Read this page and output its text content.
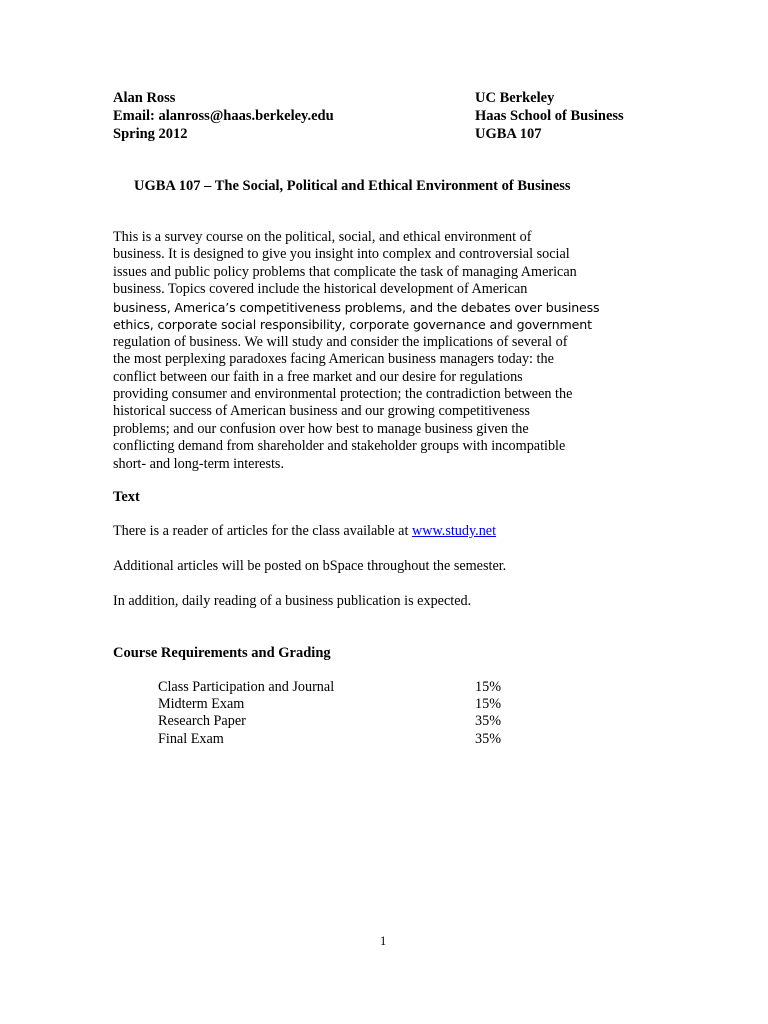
Alan Ross
Email: alanross@haas.berkeley.edu
Spring 2012
UC Berkeley
Haas School of Business
UGBA 107
UGBA 107 – The Social, Political and Ethical Environment of Business
This is a survey course on the political, social, and ethical environment of
business. It is designed to give you insight into complex and controversial social
issues and public policy problems that complicate the task of managing American
business. Topics covered include the historical development of American
business, America’s competitiveness problems, and the debates over business
ethics, corporate social responsibility, corporate governance and government
regulation of business. We will study and consider the implications of several of
the most perplexing paradoxes facing American business managers today: the
conflict between our faith in a free market and our desire for regulations
providing consumer and environmental protection; the contradiction between the
historical success of American business and our growing competitiveness
problems; and our confusion over how best to manage business given the
conflicting demand from shareholder and stakeholder groups with incompatible
short- and long-term interests.
Text
There is a reader of articles for the class available at www.study.net
Additional articles will be posted on bSpace throughout the semester.
In addition, daily reading of a business publication is expected.
Course Requirements and Grading
Class Participation and Journal	15%
Midterm Exam	15%
Research Paper	35%
Final Exam	35%
1
